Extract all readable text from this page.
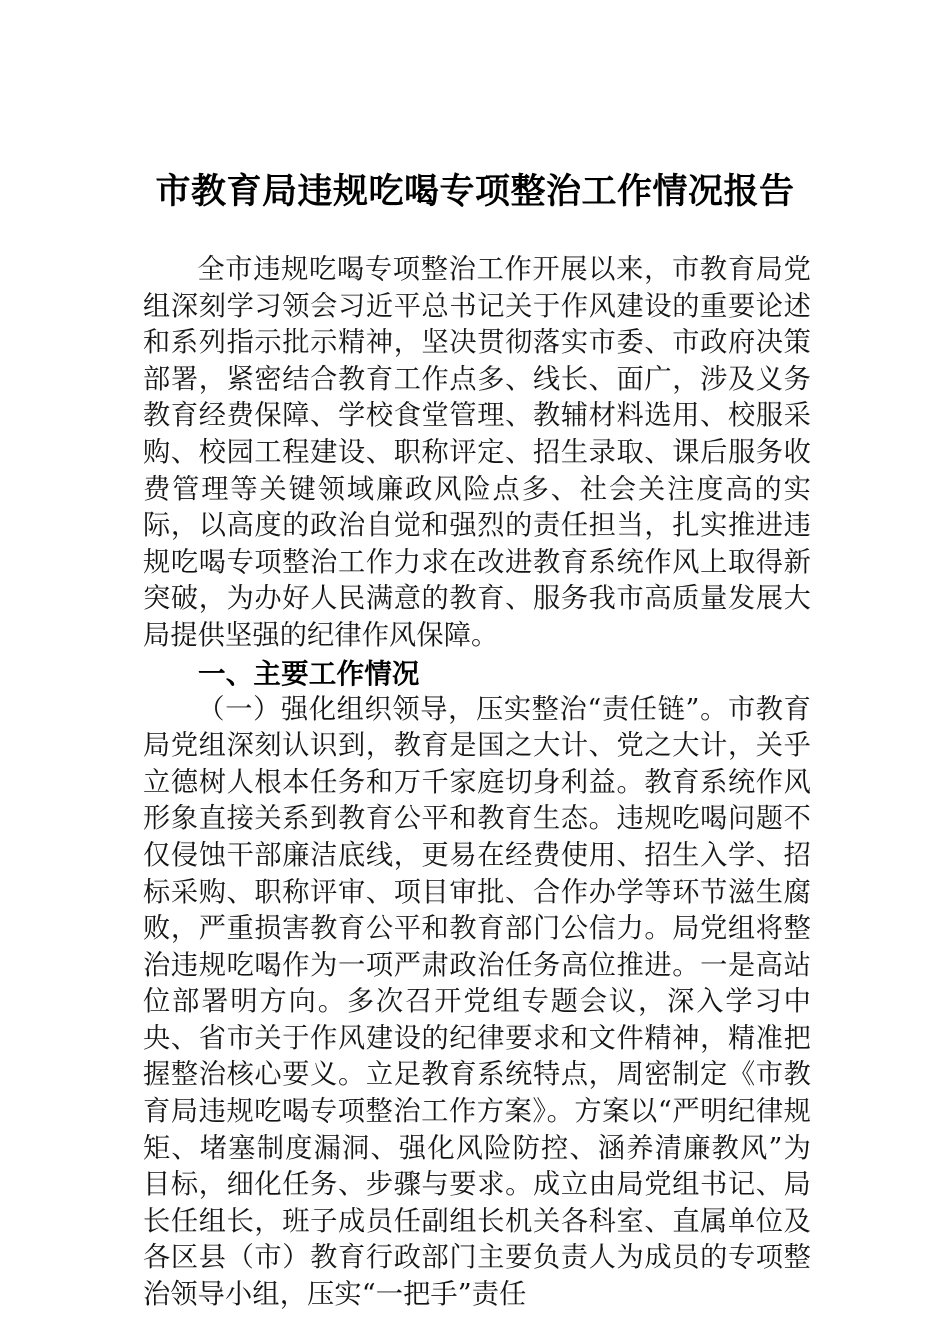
市教育局违规吃喝专项整治工作情况报告

全市违规吃喝专项整治工作开展以来，市教育局党组深刻学习领会习近平总书记关于作风建设的重要论述和系列指示批示精神，坚决贯彻落实市委、市政府决策部署，紧密结合教育工作点多、线长、面广，涉及义务教育经费保障、学校食堂管理、教辅材料选用、校服采购、校园工程建设、职称评定、招生录取、课后服务收费管理等关键领域廉政风险点多、社会关注度高的实际，以高度的政治自觉和强烈的责任担当，扎实推进违规吃喝专项整治工作力求在改进教育系统作风上取得新突破，为办好人民满意的教育、服务我市高质量发展大局提供坚强的纪律作风保障。

一、主要工作情况

（一）强化组织领导，压实整治“责任链”。市教育局党组深刻认识到，教育是国之大计、党之大计，关乎立德树人根本任务和万千家庭切身利益。教育系统作风形象直接关系到教育公平和教育生态。违规吃喝问题不仅侵蚀干部廉洁底线，更易在经费使用、招生入学、招标采购、职称评审、项目审批、合作办学等环节滋生腐败，严重损害教育公平和教育部门公信力。局党组将整治违规吃喝作为一项严肃政治任务高位推进。一是高站位部署明方向。多次召开党组专题会议，深入学习中央、省市关于作风建设的纪律要求和文件精神，精准把握整治核心要义。立足教育系统特点，周密制定《市教育局违规吃喝专项整治工作方案》。方案以“严明纪律规矩、堵塞制度漏洞、强化风险防控、涵养清廉教风”为目标，细化任务、步骤与要求。成立由局党组书记、局长任组长，班子成员任副组长机关各科室、直属单位及各区县（市）教育行政部门主要负责人为成员的专项整治领导小组，压实“一把手”责任
